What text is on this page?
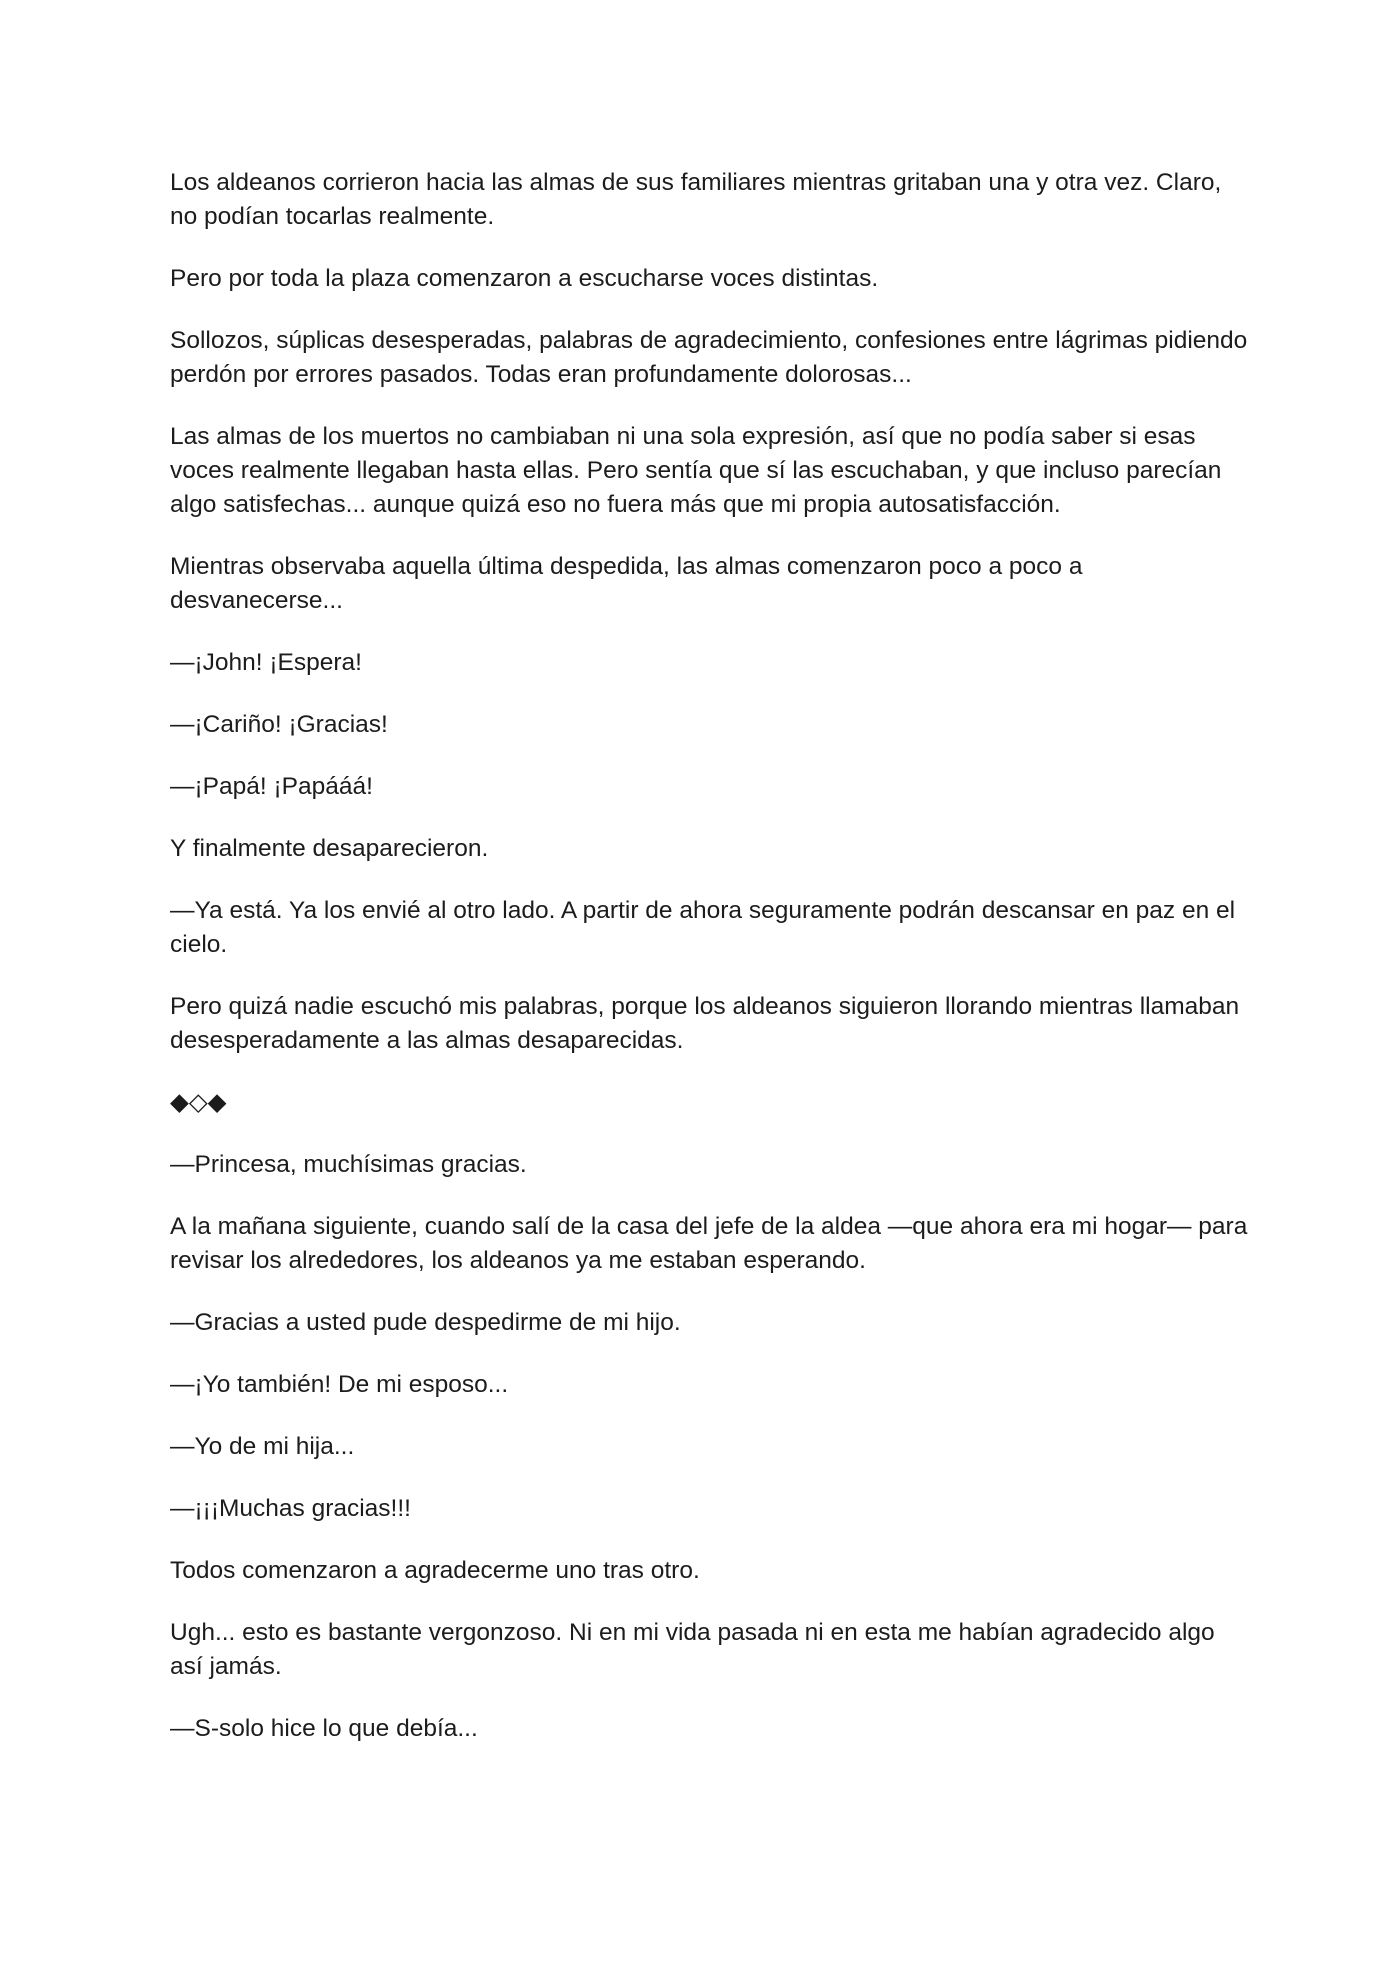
Los aldeanos corrieron hacia las almas de sus familiares mientras gritaban una y otra vez. Claro, no podían tocarlas realmente.

Pero por toda la plaza comenzaron a escucharse voces distintas.

Sollozos, súplicas desesperadas, palabras de agradecimiento, confesiones entre lágrimas pidiendo perdón por errores pasados. Todas eran profundamente dolorosas...

Las almas de los muertos no cambiaban ni una sola expresión, así que no podía saber si esas voces realmente llegaban hasta ellas. Pero sentía que sí las escuchaban, y que incluso parecían algo satisfechas... aunque quizá eso no fuera más que mi propia autosatisfacción.

Mientras observaba aquella última despedida, las almas comenzaron poco a poco a desvanecerse...

—¡John! ¡Espera!

—¡Cariño! ¡Gracias!

—¡Papá! ¡Papááá!

Y finalmente desaparecieron.

—Ya está. Ya los envié al otro lado. A partir de ahora seguramente podrán descansar en paz en el cielo.

Pero quizá nadie escuchó mis palabras, porque los aldeanos siguieron llorando mientras llamaban desesperadamente a las almas desaparecidas.

◆◇◆

—Princesa, muchísimas gracias.

A la mañana siguiente, cuando salí de la casa del jefe de la aldea —que ahora era mi hogar— para revisar los alrededores, los aldeanos ya me estaban esperando.

—Gracias a usted pude despedirme de mi hijo.

—¡Yo también! De mi esposo...

—Yo de mi hija...

—¡¡¡Muchas gracias!!!

Todos comenzaron a agradecerme uno tras otro.

Ugh... esto es bastante vergonzoso. Ni en mi vida pasada ni en esta me habían agradecido algo así jamás.

—S-solo hice lo que debía...
